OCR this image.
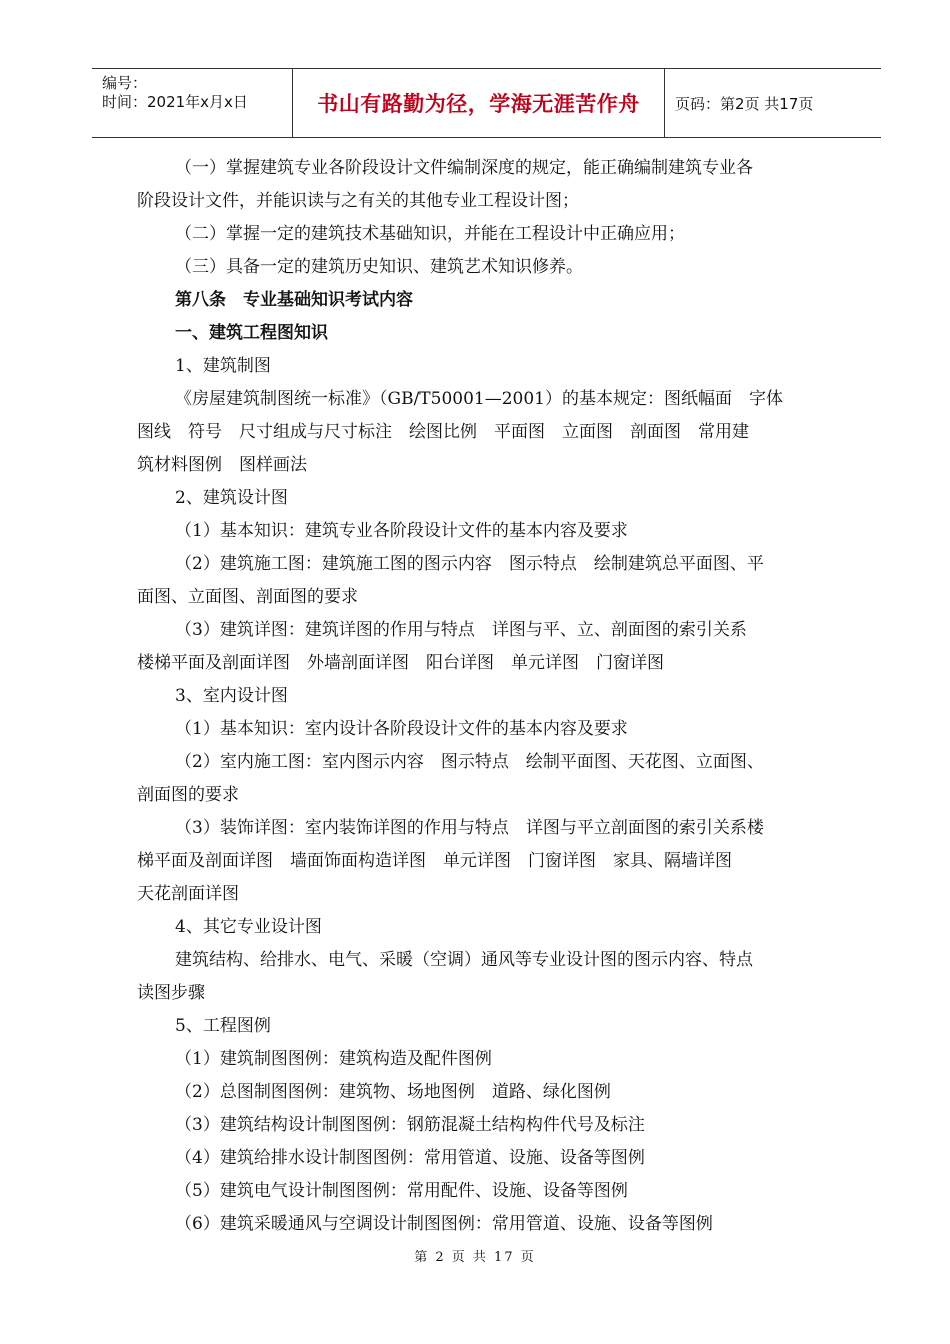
编号：
时间：2021年x月x日	书山有路勤为径，学海无涯苦作舟	页码：第2页 共17页
（一）掌握建筑专业各阶段设计文件编制深度的规定，能正确编制建筑专业各
阶段设计文件，并能识读与之有关的其他专业工程设计图；
（二）掌握一定的建筑技术基础知识，并能在工程设计中正确应用；
（三）具备一定的建筑历史知识、建筑艺术知识修养。
第八条　专业基础知识考试内容
一、建筑工程图知识
1、建筑制图
《房屋建筑制图统一标准》（GB/T50001—2001）的基本规定：图纸幅面　字体
图线　符号　尺寸组成与尺寸标注　绘图比例　平面图　立面图　剖面图　常用建
筑材料图例　图样画法
2、建筑设计图
（1）基本知识：建筑专业各阶段设计文件的基本内容及要求
（2）建筑施工图：建筑施工图的图示内容　图示特点　绘制建筑总平面图、平
面图、立面图、剖面图的要求
（3）建筑详图：建筑详图的作用与特点　详图与平、立、剖面图的索引关系
楼梯平面及剖面详图　外墙剖面详图　阳台详图　单元详图　门窗详图
3、室内设计图
（1）基本知识：室内设计各阶段设计文件的基本内容及要求
（2）室内施工图：室内图示内容　图示特点　绘制平面图、天花图、立面图、
剖面图的要求
（3）装饰详图：室内装饰详图的作用与特点　详图与平立剖面图的索引关系楼
梯平面及剖面详图　墙面饰面构造详图　单元详图　门窗详图　家具、隔墙详图
天花剖面详图
4、其它专业设计图
建筑结构、给排水、电气、采暖（空调）通风等专业设计图的图示内容、特点
读图步骤
5、工程图例
（1）建筑制图图例：建筑构造及配件图例
（2）总图制图图例：建筑物、场地图例　道路、绿化图例
（3）建筑结构设计制图图例：钢筋混凝土结构构件代号及标注
（4）建筑给排水设计制图图例：常用管道、设施、设备等图例
（5）建筑电气设计制图图例：常用配件、设施、设备等图例
（6）建筑采暖通风与空调设计制图图例：常用管道、设施、设备等图例
第 2 页 共 17 页
